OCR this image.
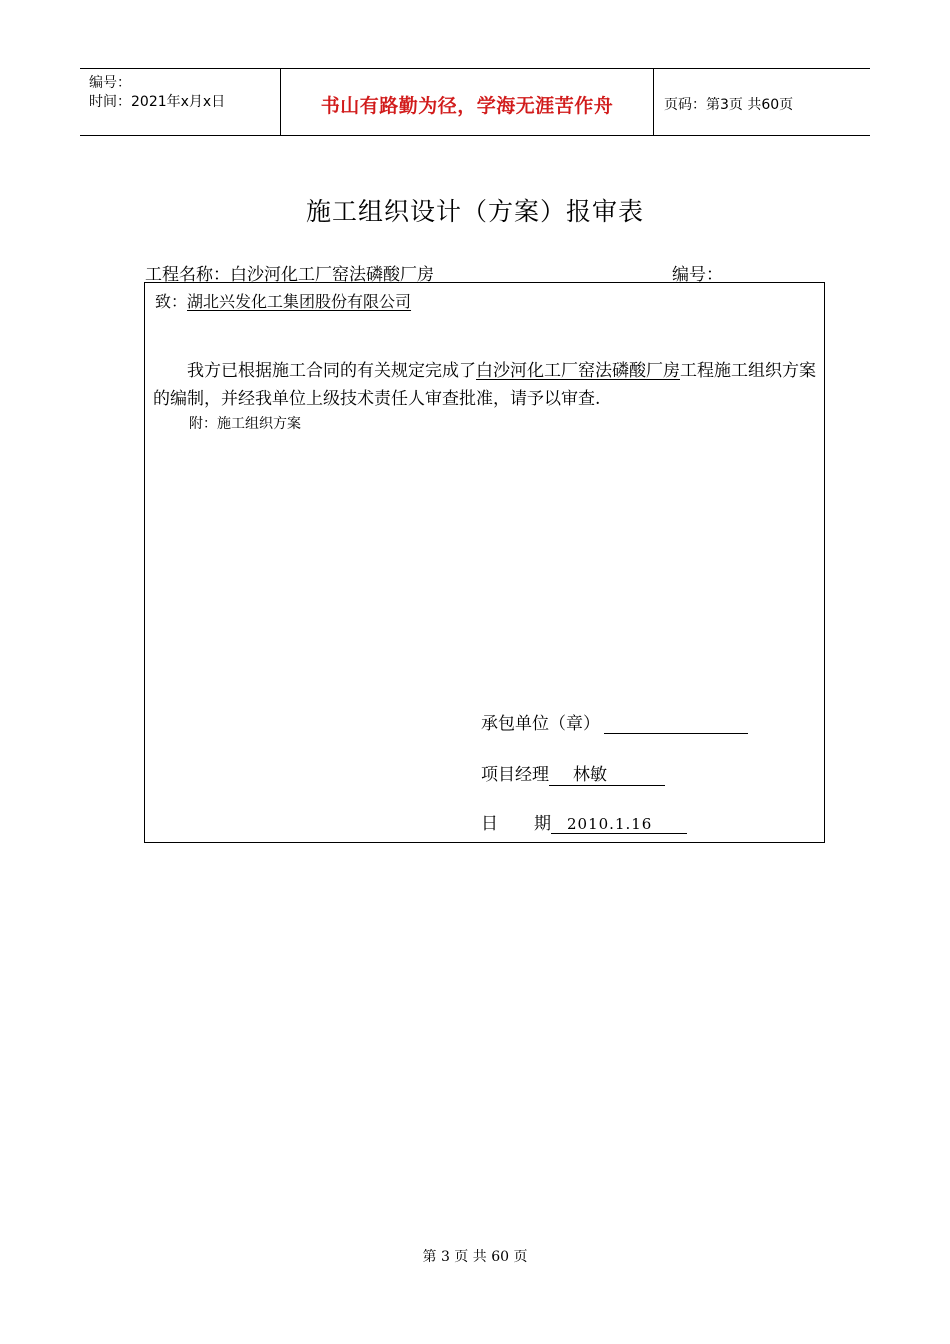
编号：
时间：2021年x月x日	书山有路勤为径，学海无涯苦作舟	页码：第3页 共60页
施工组织设计（方案）报审表
工程名称：白沙河化工厂窑法磷酸厂房	编号：
致：湖北兴发化工集团股份有限公司
我方已根据施工合同的有关规定完成了白沙河化工厂窑法磷酸厂房工程施工组织方案的编制，并经我单位上级技术责任人审查批准，请予以审查.
附：施工组织方案
承包单位（章）
项目经理 林敏
日 期 2010.1.16
第 3 页 共 60 页
